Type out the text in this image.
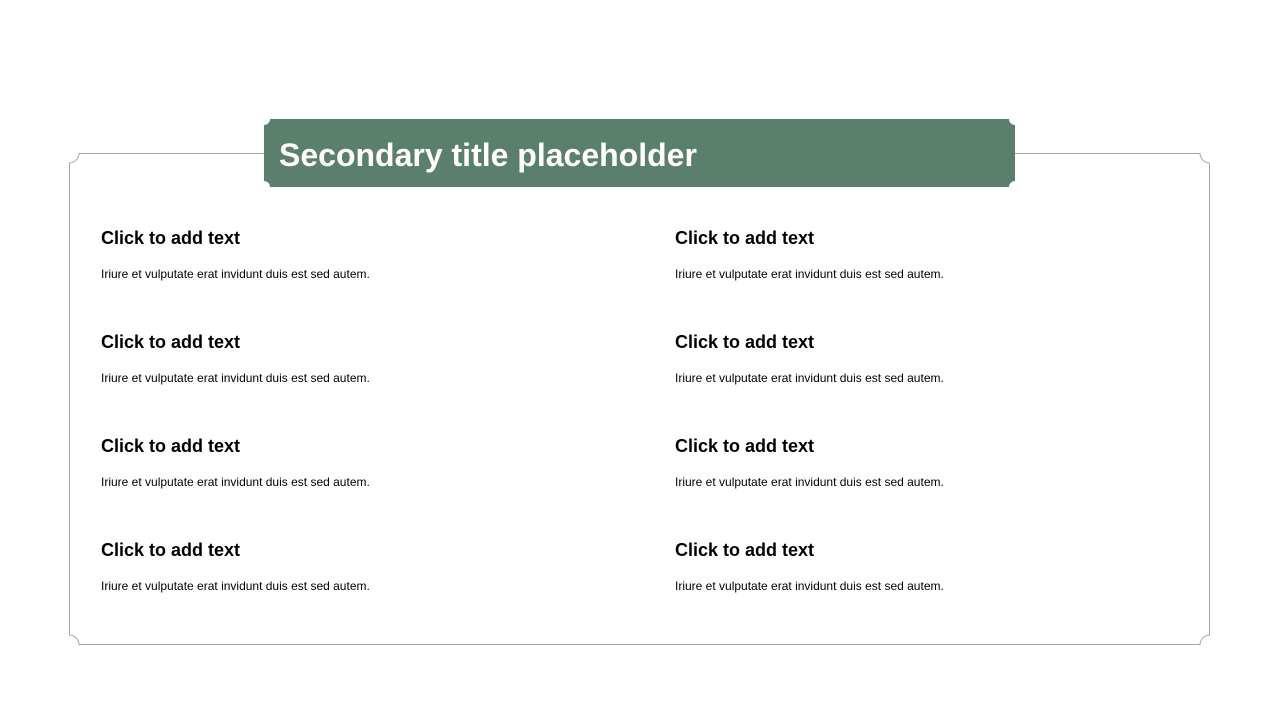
Secondary title placeholder
Click to add text
Iriure et vulputate erat invidunt duis est sed autem.
Click to add text
Iriure et vulputate erat invidunt duis est sed autem.
Click to add text
Iriure et vulputate erat invidunt duis est sed autem.
Click to add text
Iriure et vulputate erat invidunt duis est sed autem.
Click to add text
Iriure et vulputate erat invidunt duis est sed autem.
Click to add text
Iriure et vulputate erat invidunt duis est sed autem.
Click to add text
Iriure et vulputate erat invidunt duis est sed autem.
Click to add text
Iriure et vulputate erat invidunt duis est sed autem.
